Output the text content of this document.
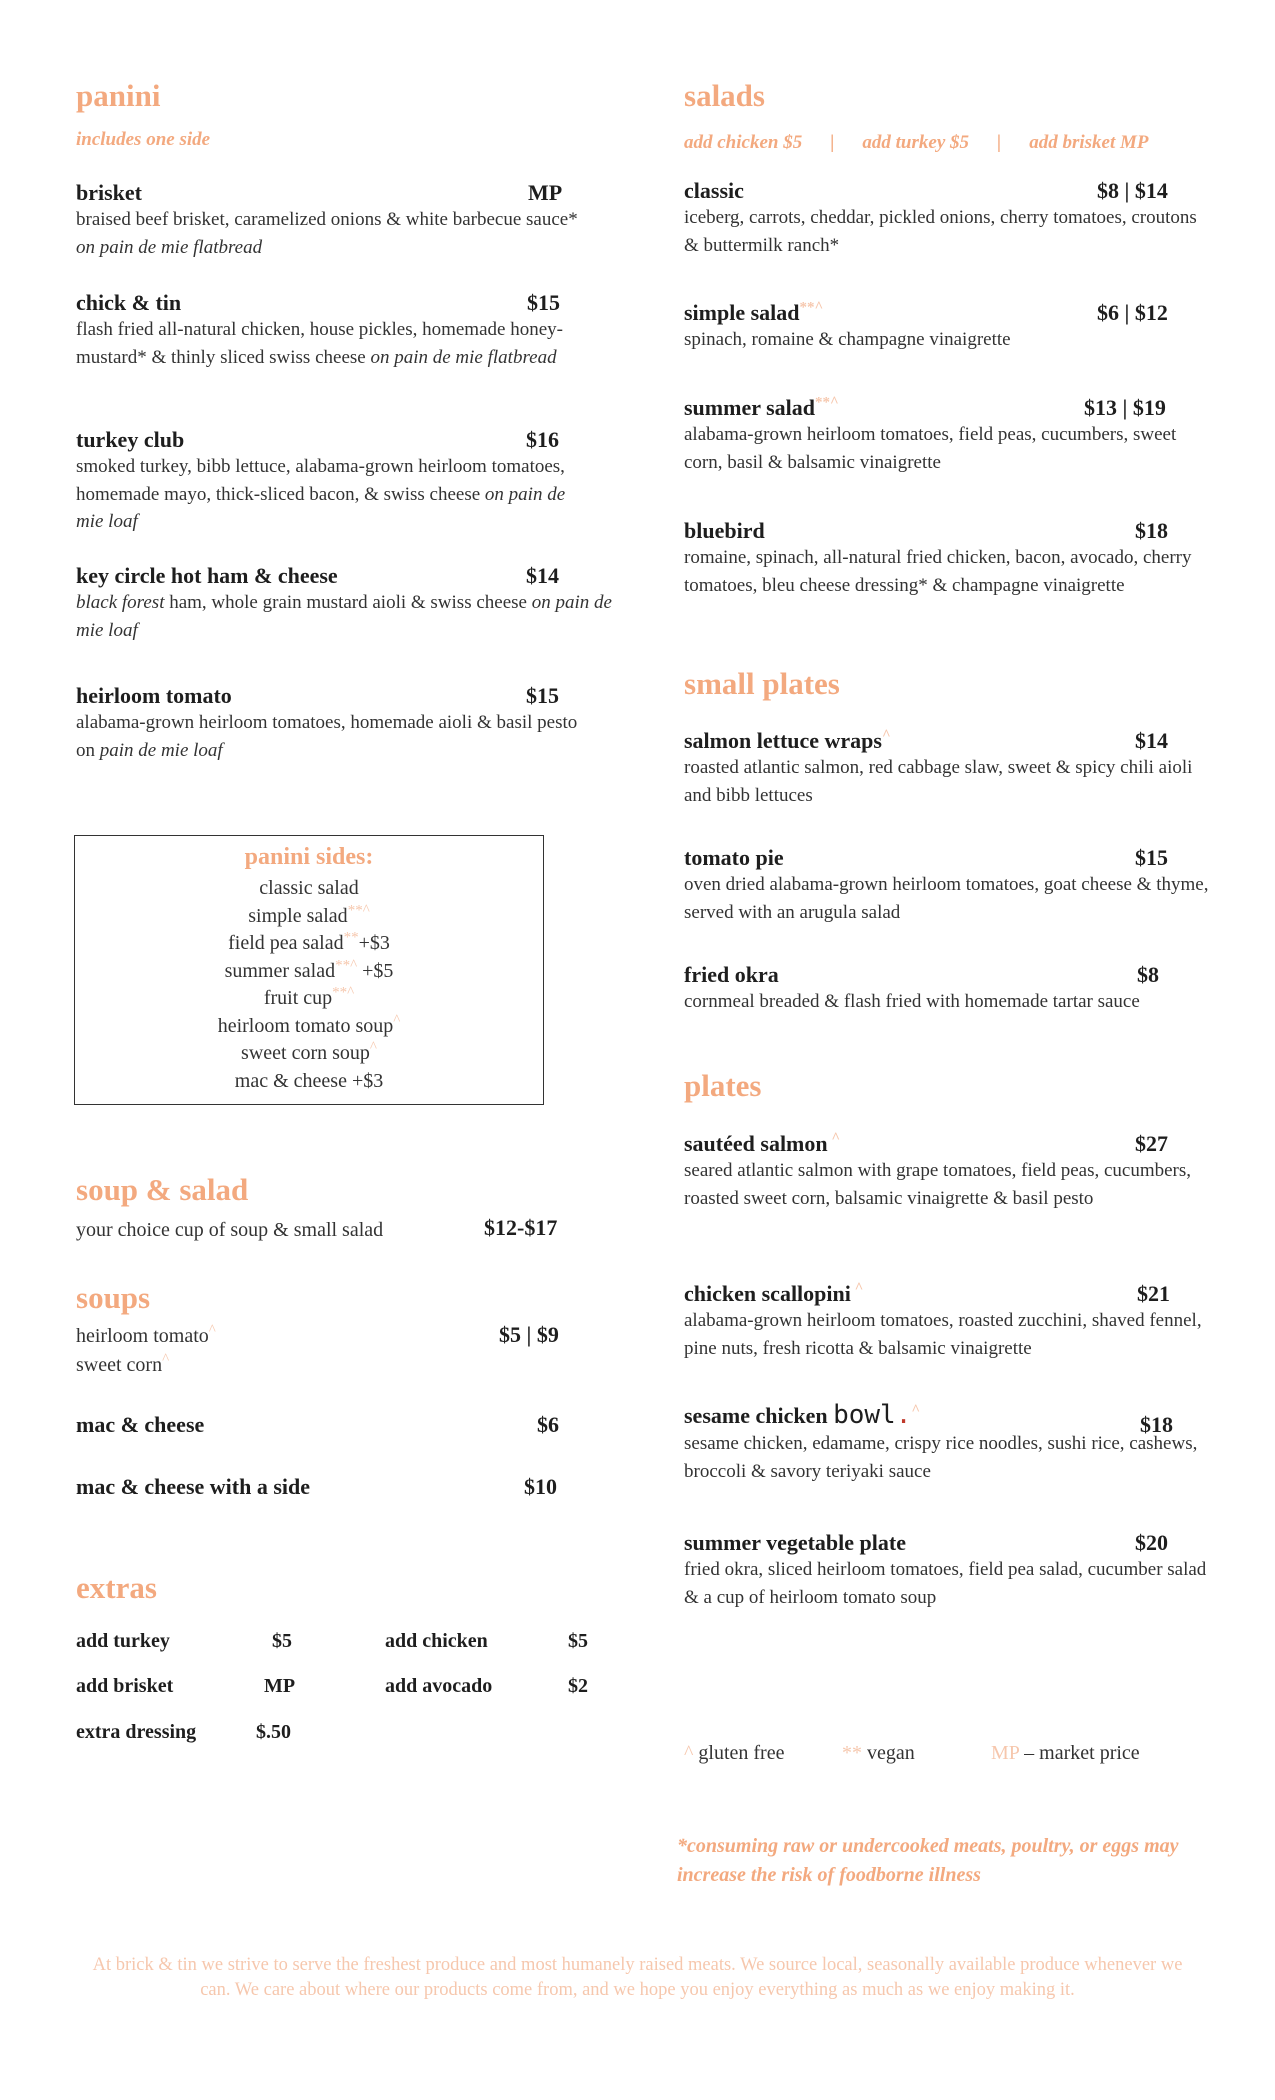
panini
includes one side
brisket	MP
braised beef brisket, caramelized onions & white barbecue sauce* on pain de mie flatbread
chick & tin	$15
flash fried all-natural chicken, house pickles, homemade honey-mustard* & thinly sliced swiss cheese on pain de mie flatbread
turkey club	$16
smoked turkey, bibb lettuce, alabama-grown heirloom tomatoes, homemade mayo, thick-sliced bacon, & swiss cheese on pain de mie loaf
key circle hot ham & cheese	$14
black forest ham, whole grain mustard aioli & swiss cheese on pain de mie loaf
heirloom tomato	$15
alabama-grown heirloom tomatoes, homemade aioli & basil pesto on pain de mie loaf
panini sides:
classic salad
simple salad**^
field pea salad**+$3
summer salad**^ +$5
fruit cup**^
heirloom tomato soup^
sweet corn soup^
mac & cheese +$3
soup & salad
your choice cup of soup & small salad	$12-$17
soups
heirloom tomato^
sweet corn^
$5 | $9
mac & cheese	$6
mac & cheese with a side	$10
extras
add turkey	$5	add chicken	$5
add brisket	MP	add avocado	$2
extra dressing	$.50
salads
add chicken $5 | add turkey $5 | add brisket MP
classic	$8 | $14
iceberg, carrots, cheddar, pickled onions, cherry tomatoes, croutons & buttermilk ranch*
simple salad**^	$6 | $12
spinach, romaine & champagne vinaigrette
summer salad**^	$13 | $19
alabama-grown heirloom tomatoes, field peas, cucumbers, sweet corn, basil & balsamic vinaigrette
bluebird	$18
romaine, spinach, all-natural fried chicken, bacon, avocado, cherry tomatoes, bleu cheese dressing* & champagne vinaigrette
small plates
salmon lettuce wraps^	$14
roasted atlantic salmon, red cabbage slaw, sweet & spicy chili aioli and bibb lettuces
tomato pie	$15
oven dried alabama-grown heirloom tomatoes, goat cheese & thyme, served with an arugula salad
fried okra	$8
cornmeal breaded & flash fried with homemade tartar sauce
plates
sautéed salmon ^	$27
seared atlantic salmon with grape tomatoes, field peas, cucumbers, roasted sweet corn, balsamic vinaigrette & basil pesto
chicken scallopini ^	$21
alabama-grown heirloom tomatoes, roasted zucchini, shaved fennel, pine nuts, fresh ricotta & balsamic vinaigrette
sesame chicken bowl.^
$18
sesame chicken, edamame, crispy rice noodles, sushi rice, cashews, broccoli & savory teriyaki sauce
summer vegetable plate	$20
fried okra, sliced heirloom tomatoes, field pea salad, cucumber salad & a cup of heirloom tomato soup
^ gluten free	** vegan	MP – market price
*consuming raw or undercooked meats, poultry, or eggs may increase the risk of foodborne illness
At brick & tin we strive to serve the freshest produce and most humanely raised meats. We source local, seasonally available produce whenever we can. We care about where our products come from, and we hope you enjoy everything as much as we enjoy making it.
